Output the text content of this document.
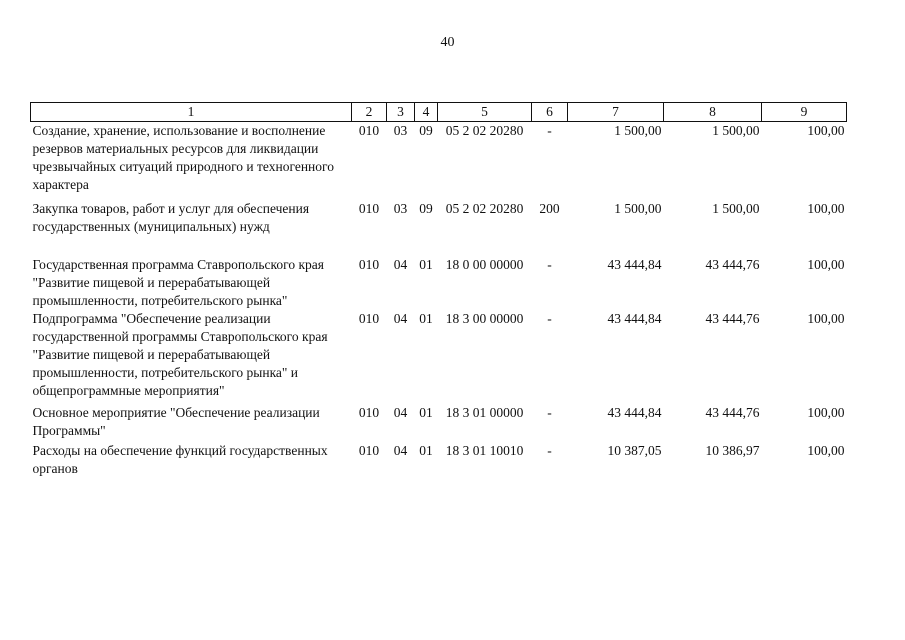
40
1	2	3	4	5	6	7	8	9
Создание, хранение, использование и восполнение резервов материальных ресурсов для ликвидации чрезвычайных ситуаций природного и техногенного характера	010	03	09	05 2 02 20280	-	1 500,00	1 500,00	100,00
Закупка товаров, работ и услуг для обеспечения государственных (муниципальных) нужд	010	03	09	05 2 02 20280	200	1 500,00	1 500,00	100,00

Государственная программа Ставропольского края "Развитие пищевой и перерабатывающей промышленности, потребительского рынка"	010	04	01	18 0 00 00000	-	43 444,84	43 444,76	100,00
Подпрограмма "Обеспечение реализации государственной программы Ставропольского края "Развитие пищевой и перерабатывающей промышленности, потребительского рынка" и общепрограммные мероприятия"	010	04	01	18 3 00 00000	-	43 444,84	43 444,76	100,00
Основное мероприятие "Обеспечение реализации Программы"	010	04	01	18 3 01 00000	-	43 444,84	43 444,76	100,00
Расходы на обеспечение функций государственных органов	010	04	01	18 3 01 10010	-	10 387,05	10 386,97	100,00
